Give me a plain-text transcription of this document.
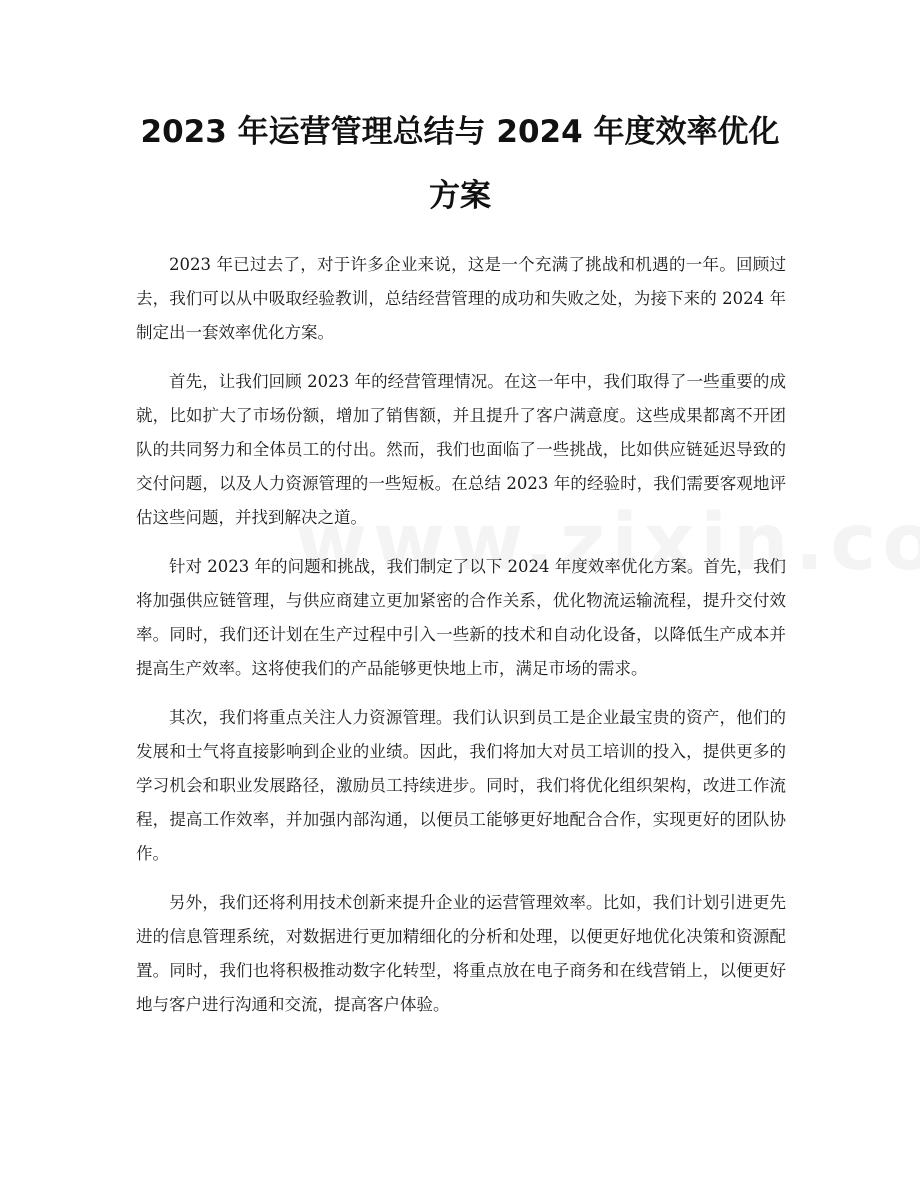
2023 年运营管理总结与 2024 年度效率优化方案

2023 年已过去了，对于许多企业来说，这是一个充满了挑战和机遇的一年。回顾过去，我们可以从中吸取经验教训，总结经营管理的成功和失败之处，为接下来的 2024 年制定出一套效率优化方案。

首先，让我们回顾 2023 年的经营管理情况。在这一年中，我们取得了一些重要的成就，比如扩大了市场份额，增加了销售额，并且提升了客户满意度。这些成果都离不开团队的共同努力和全体员工的付出。然而，我们也面临了一些挑战，比如供应链延迟导致的交付问题，以及人力资源管理的一些短板。在总结 2023 年的经验时，我们需要客观地评估这些问题，并找到解决之道。

针对 2023 年的问题和挑战，我们制定了以下 2024 年度效率优化方案。首先，我们将加强供应链管理，与供应商建立更加紧密的合作关系，优化物流运输流程，提升交付效率。同时，我们还计划在生产过程中引入一些新的技术和自动化设备，以降低生产成本并提高生产效率。这将使我们的产品能够更快地上市，满足市场的需求。

其次，我们将重点关注人力资源管理。我们认识到员工是企业最宝贵的资产，他们的发展和士气将直接影响到企业的业绩。因此，我们将加大对员工培训的投入，提供更多的学习机会和职业发展路径，激励员工持续进步。同时，我们将优化组织架构，改进工作流程，提高工作效率，并加强内部沟通，以便员工能够更好地配合合作，实现更好的团队协作。

另外，我们还将利用技术创新来提升企业的运营管理效率。比如，我们计划引进更先进的信息管理系统，对数据进行更加精细化的分析和处理，以便更好地优化决策和资源配置。同时，我们也将积极推动数字化转型，将重点放在电子商务和在线营销上，以便更好地与客户进行沟通和交流，提高客户体验。
